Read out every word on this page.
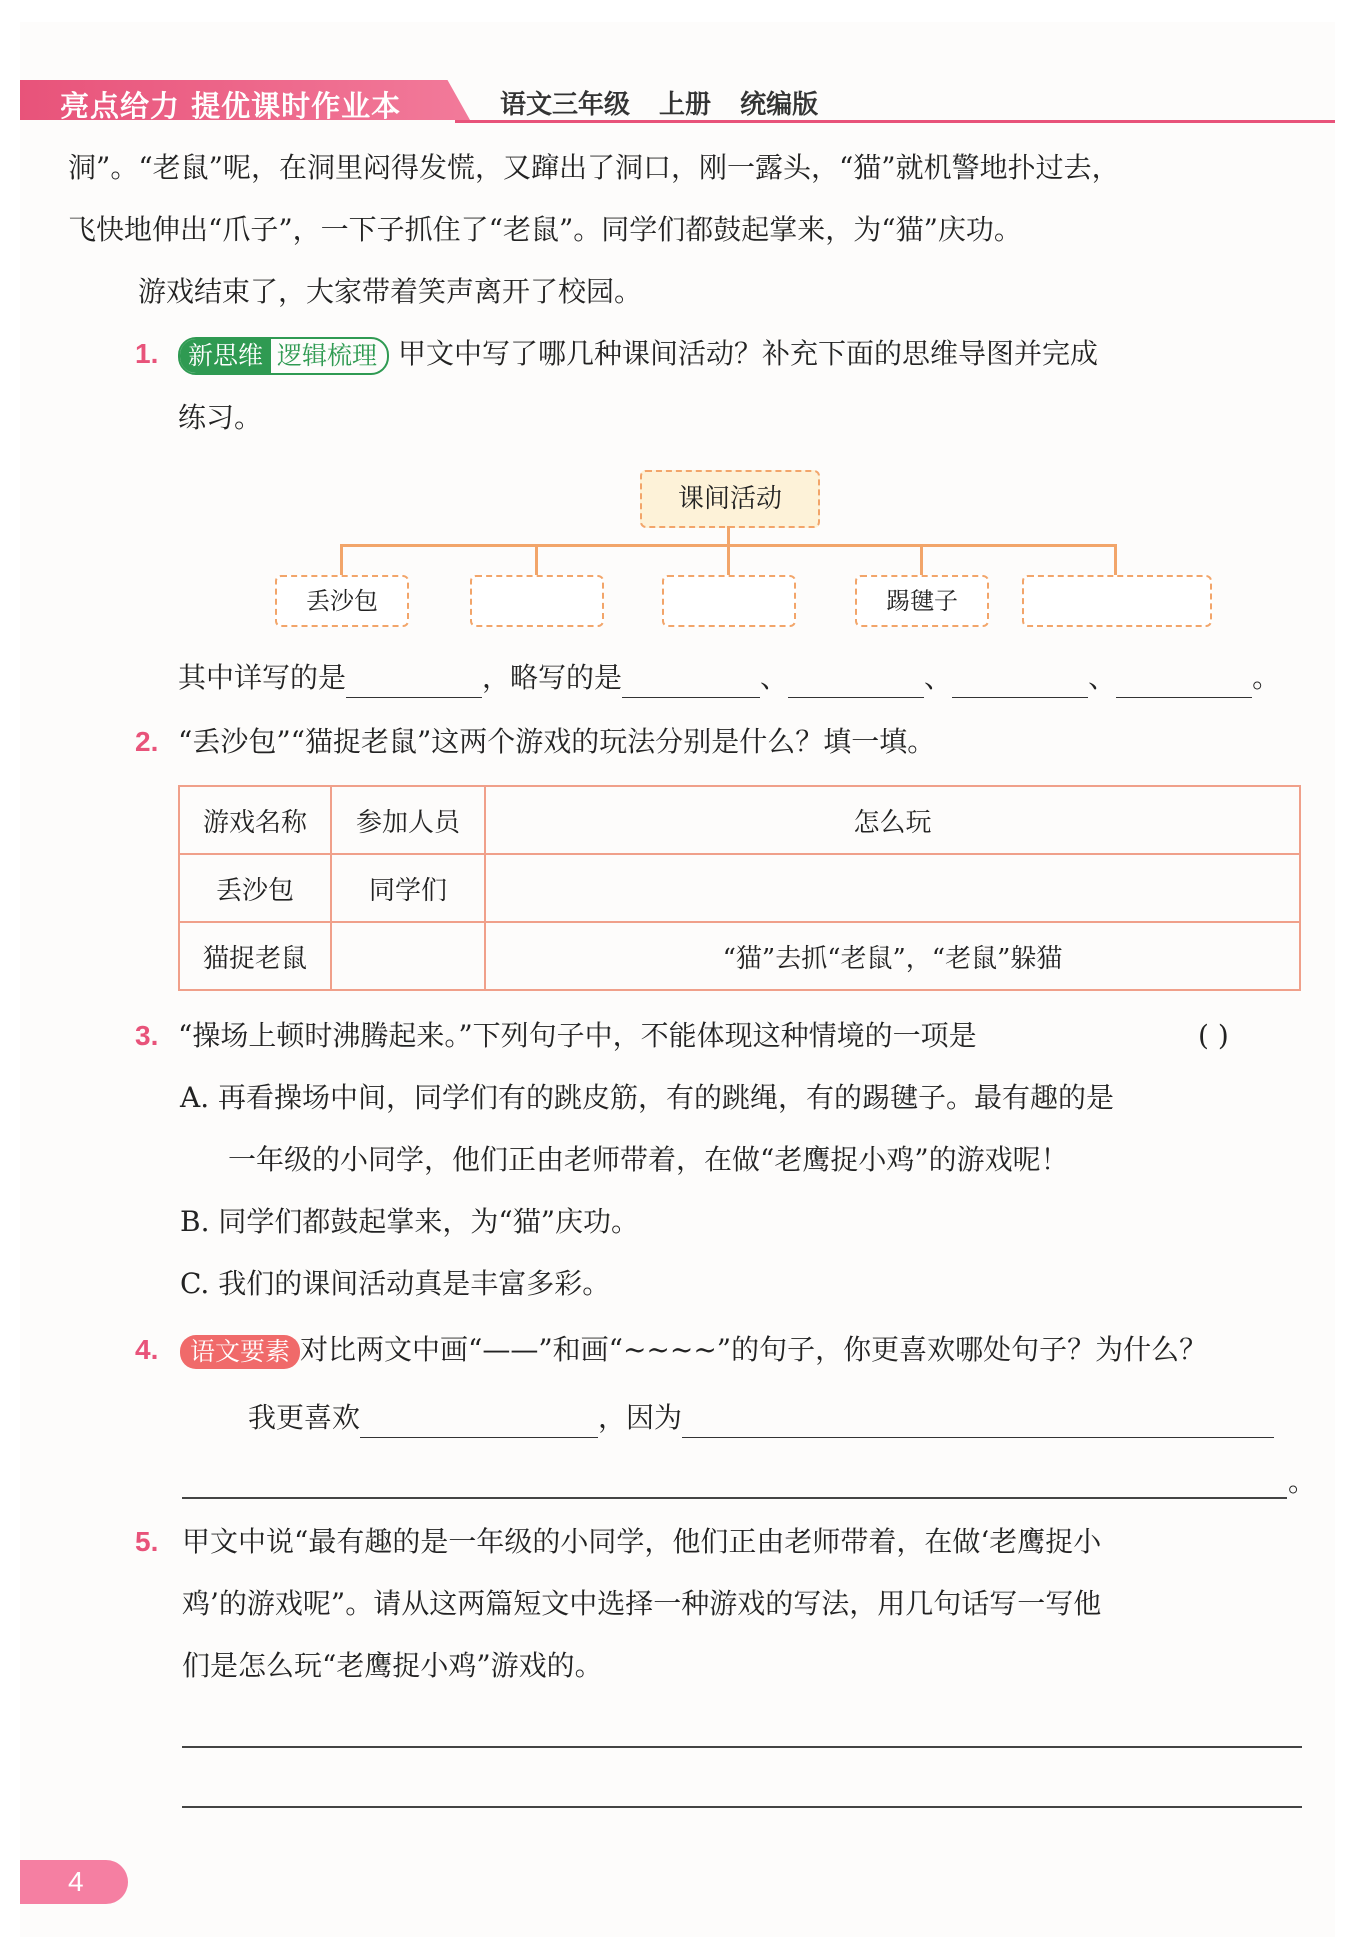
亮点给力 提优课时作业本	语文三年级 上册 统编版
洞”。“老鼠”呢，在洞里闷得发慌，又蹿出了洞口，刚一露头，“猫”就机警地扑过去，
飞快地伸出“爪子”，一下子抓住了“老鼠”。同学们都鼓起掌来，为“猫”庆功。
游戏结束了，大家带着笑声离开了校园。
1.	新思维 逻辑梳理 甲文中写了哪几种课间活动？补充下面的思维导图并完成
练习。
课间活动
丢沙包	踢毽子
其中详写的是	，略写的是	、	、	、	。
2. “丢沙包”“猫捉老鼠”这两个游戏的玩法分别是什么？填一填。
游戏名称	参加人员	怎么玩
丢沙包	同学们	
猫捉老鼠		“猫”去抓“老鼠”，“老鼠”躲猫
3. “操场上顿时沸腾起来。”下列句子中，不能体现这种情境的一项是	( )
A. 再看操场中间，同学们有的跳皮筋，有的跳绳，有的踢毽子。最有趣的是
一年级的小同学，他们正由老师带着，在做“老鹰捉小鸡”的游戏呢！
B. 同学们都鼓起掌来，为“猫”庆功。
C. 我们的课间活动真是丰富多彩。
4.	语文要素 对比两文中画“——”和画“~~~~”的句子，你更喜欢哪处句子？为什么？
我更喜欢	，因为
。
5. 甲文中说“最有趣的是一年级的小同学，他们正由老师带着，在做‘老鹰捉小
鸡’的游戏呢”。请从这两篇短文中选择一种游戏的写法，用几句话写一写他
们是怎么玩“老鹰捉小鸡”游戏的。
4
